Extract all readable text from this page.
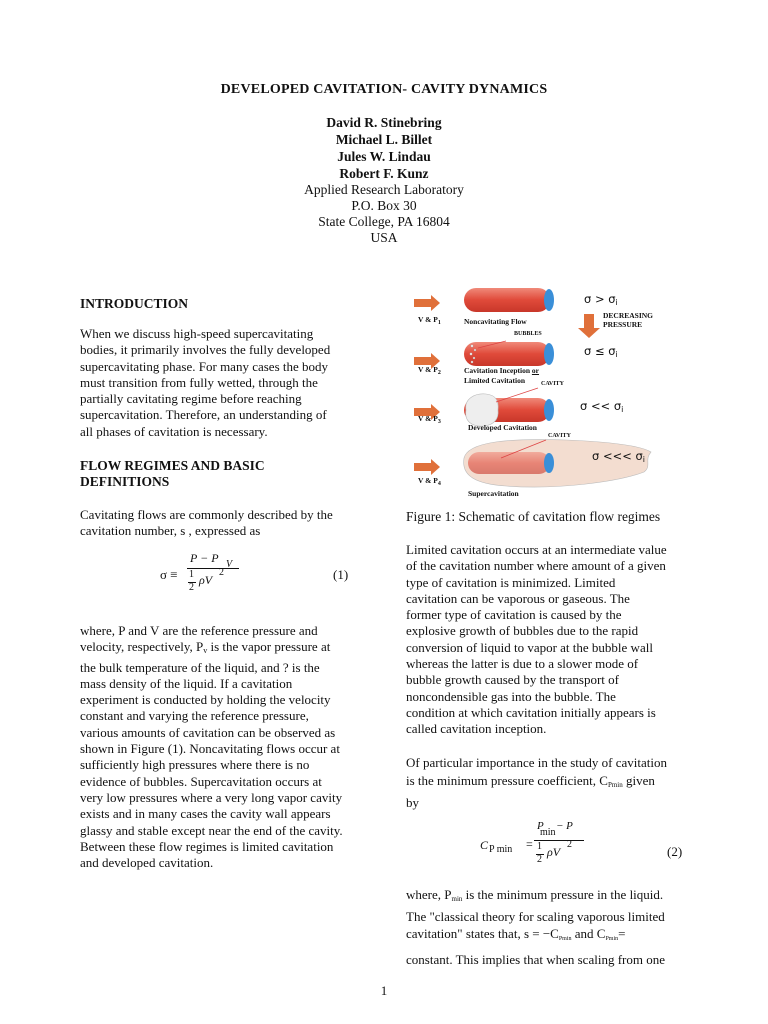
DEVELOPED CAVITATION- CAVITY DYNAMICS
David R. Stinebring
Michael L. Billet
Jules W. Lindau
Robert F. Kunz
Applied Research Laboratory
P.O. Box 30
State College, PA 16804
USA
INTRODUCTION
When we discuss high-speed supercavitating
bodies, it primarily involves the fully developed
supercavitating phase. For many cases the body
must transition from fully wetted, through the
partially cavitating regime before reaching
supercavitation. Therefore, an understanding of
all phases of cavitation is necessary.
FLOW REGIMES AND BASIC
DEFINITIONS
Cavitating flows are commonly described by the
cavitation number, s , expressed as
σ ≡
P − P V
1
2
ρV
2	(1)
where, P and V are the reference pressure and
velocity, respectively, $P_v$ is the vapor pressure at
the bulk temperature of the liquid, and ? is the
mass density of the liquid. If a cavitation
experiment is conducted by holding the velocity
constant and varying the reference pressure,
various amounts of cavitation can be observed as
shown in Figure (1). Noncavitating flows occur at
sufficiently high pressures where there is no
evidence of bubbles. Supercavitation occurs at
very low pressures where a very long vapor cavity
exists and in many cases the cavity wall appears
glassy and stable except near the end of the cavity.
Between these flow regimes is limited cavitation
and developed cavitation.
V & $P_1$	Noncavitating Flow
$\sigma > \sigma_i$
DECREASING
PRESSURE
V & $P_2$
BUBBLES
Cavitation Inception or
Limited Cavitation
$\sigma \le \sigma_i$
V & $P_3$
CAVITY
Developed Cavitation
$\sigma << \sigma_i$
V & $P_4$
CAVITY
Supercavitation
σ <<< $\sigma_i$
Figure 1: Schematic of cavitation flow regimes
Limited cavitation occurs at an intermediate value
of the cavitation number where amount of a given
type of cavitation is minimized. Limited
cavitation can be vaporous or gaseous. The
former type of cavitation is caused by the
explosive growth of bubbles due to the rapid
conversion of liquid to vapor at the bubble wall
whereas the latter is due to a slower mode of
bubble growth caused by the transport of
noncondensible gas into the bubble. The
condition at which cavitation initially appears is
called cavitation inception.
Of particular importance in the study of cavitation
is the minimum pressure coefficient, $C_{Pmin}$ given
by
C P min =
P
min
− P
1
2
ρV
2	(2)
where, $P_{min}$ is the minimum pressure in the liquid.
The "classical theory for scaling vaporous limited
cavitation" states that, $s = -C_{Pmin}$ and $C_{Pmin}=$
constant. This implies that when scaling from one
1
